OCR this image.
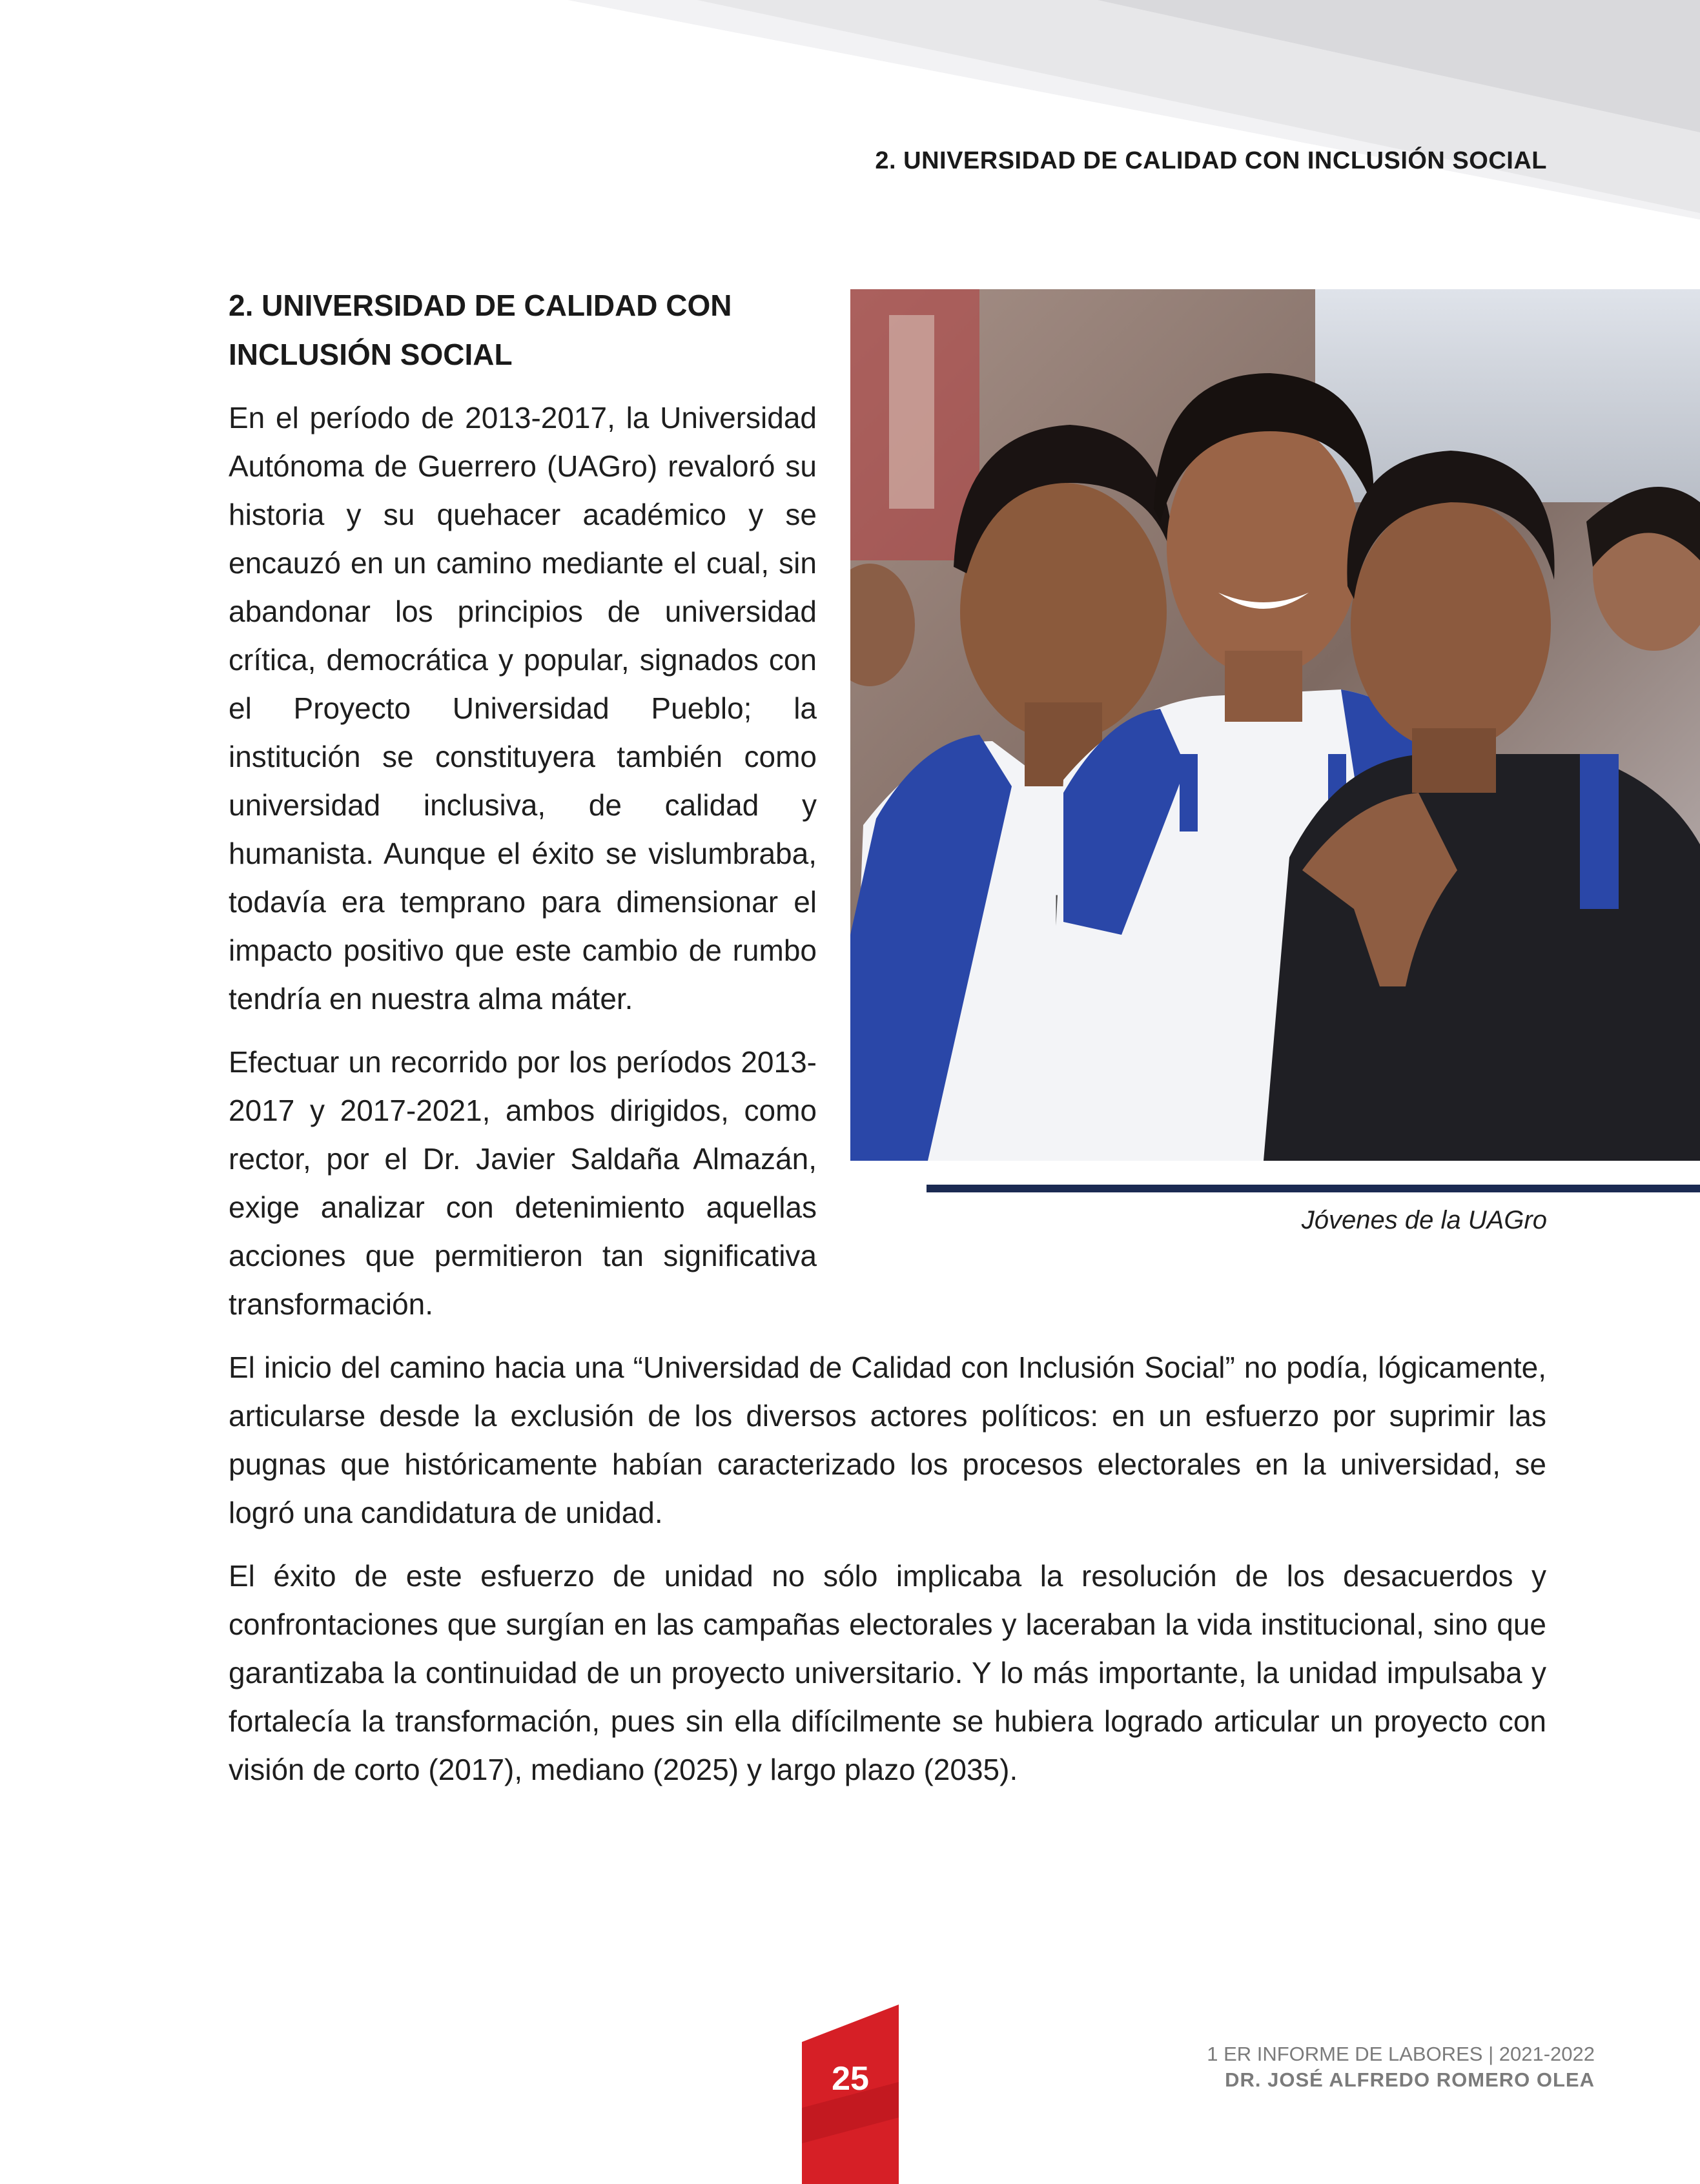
2. UNIVERSIDAD DE CALIDAD CON INCLUSIÓN SOCIAL

2. UNIVERSIDAD DE CALIDAD CON
INCLUSIÓN SOCIAL

En el período de 2013-2017, la Universidad Autónoma de Guerrero (UAGro) revaloró su historia y su quehacer académico y se encauzó en un camino mediante el cual, sin abandonar los principios de universidad crítica, democrática y popular, signados con el Proyecto Universidad Pueblo; la institución se constituyera también como universidad inclusiva, de calidad y humanista. Aunque el éxito se vislumbraba, todavía era temprano para dimensionar el impacto positivo que este cambio de rumbo tendría en nuestra alma máter.

Efectuar un recorrido por los períodos 2013-2017 y 2017-2021, ambos dirigidos, como rector, por el Dr. Javier Saldaña Almazán, exige analizar con detenimiento aquellas acciones que permitieron tan significativa transformación.

El inicio del camino hacia una “Universidad de Calidad con Inclusión Social” no podía, lógicamente, articularse desde la exclusión de los diversos actores políticos: en un esfuerzo por suprimir las pugnas que históricamente habían caracterizado los procesos electorales en la universidad, se logró una candidatura de unidad.

El éxito de este esfuerzo de unidad no sólo implicaba la resolución de los desacuerdos y confrontaciones que surgían en las campañas electorales y laceraban la vida institucional, sino que garantizaba la continuidad de un proyecto universitario. Y lo más importante, la unidad impulsaba y fortalecía la transformación, pues sin ella difícilmente se hubiera logrado articular un proyecto con visión de corto (2017), mediano (2025) y largo plazo (2035).

Jóvenes de la UAGro

25

1 ER INFORME DE LABORES | 2021-2022
DR. JOSÉ ALFREDO ROMERO OLEA
